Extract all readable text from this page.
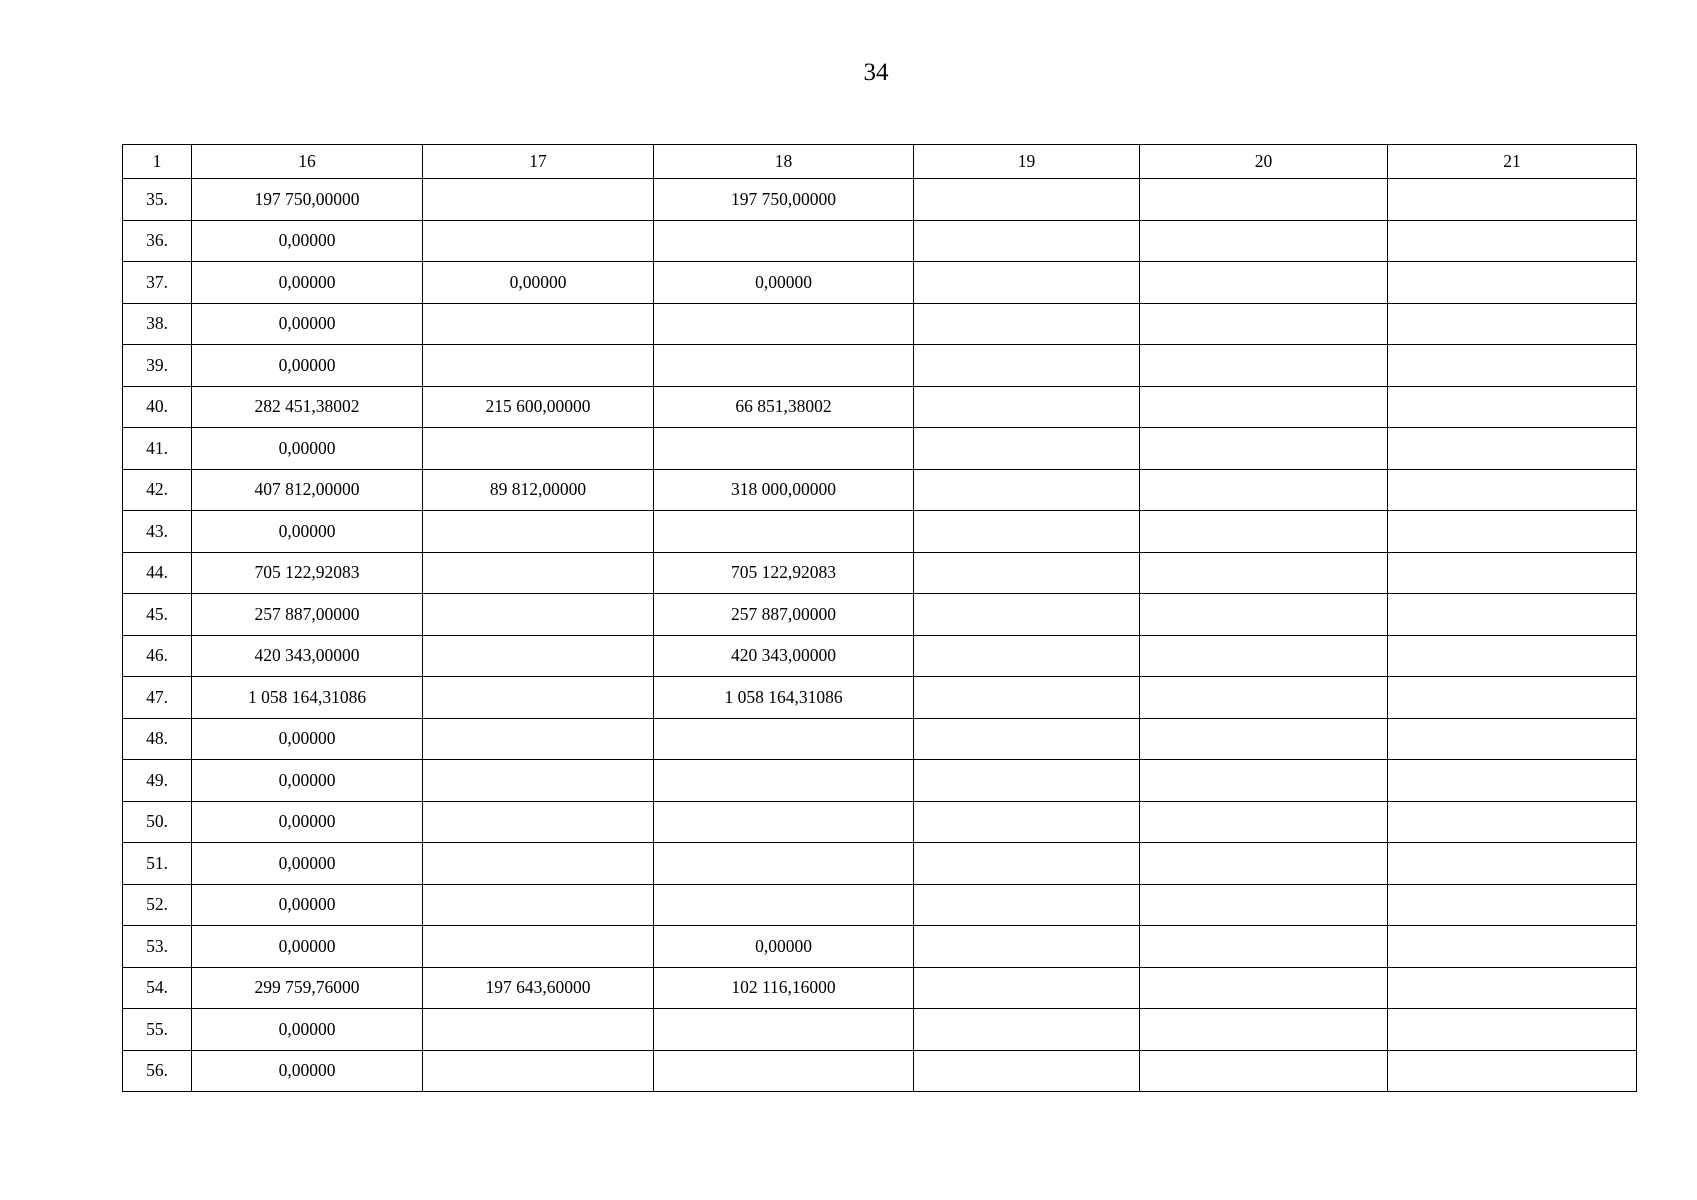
34
1	16	17	18	19	20	21
35.	197 750,00000		197 750,00000			
36.	0,00000					
37.	0,00000	0,00000	0,00000			
38.	0,00000					
39.	0,00000					
40.	282 451,38002	215 600,00000	66 851,38002			
41.	0,00000					
42.	407 812,00000	89 812,00000	318 000,00000			
43.	0,00000					
44.	705 122,92083		705 122,92083			
45.	257 887,00000		257 887,00000			
46.	420 343,00000		420 343,00000			
47.	1 058 164,31086		1 058 164,31086			
48.	0,00000					
49.	0,00000					
50.	0,00000					
51.	0,00000					
52.	0,00000					
53.	0,00000		0,00000			
54.	299 759,76000	197 643,60000	102 116,16000			
55.	0,00000					
56.	0,00000					
